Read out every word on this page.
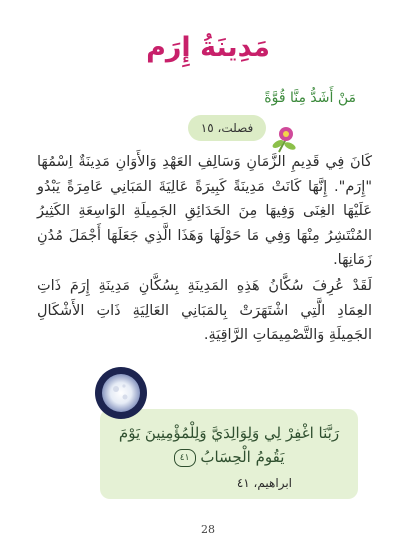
مَدِينَةُ إِرَم
مَنْ أَشَدُّ مِنَّا قُوَّةً
فصلت، ١٥
كَانَ فِي قَدِيمِ الزَّمَانِ وَسَالِفِ العَهْدِ وَالأَوَانِ مَدِينَةٌ اِسْمُهَا "إِرَم". إِنَّهَا كَانَتْ مَدِينَةً كَبِيرَةً عَالِيَةَ المَبَانِي عَامِرَةً يَبْدُو عَلَيْهَا الغِنَى وَفِيهَا مِنَ الحَدَائِقِ الجَمِيلَةِ الوَاسِعَةِ الكَثِيرُ المُنْتَشِرُ مِنْهَا وَفِي مَا حَوْلَهَا وَهَذَا الَّذِي جَعَلَهَا أَجْمَلَ مُدُنِ زَمَانِهَا.
لَقَدْ عُرِفَ سُكَّانُ هَذِهِ المَدِينَةِ بِسُكَّانِ مَدِينَةِ إِرَمَ ذَاتِ العِمَادِ الَّتِي اشْتَهَرَتْ بِالمَبَانِي العَالِيَةِ ذَاتِ الأَشْكَالِ الجَمِيلَةِ وَالتَّصْمِيمَاتِ الرَّاقِيَةِ.
رَبَّنَا اغْفِرْ لِي وَلِوَالِدَيَّ وَلِلْمُؤْمِنِينَ يَوْمَ
يَقُومُ الْحِسَابُ ٤١
ابراهيم، ٤١
28
